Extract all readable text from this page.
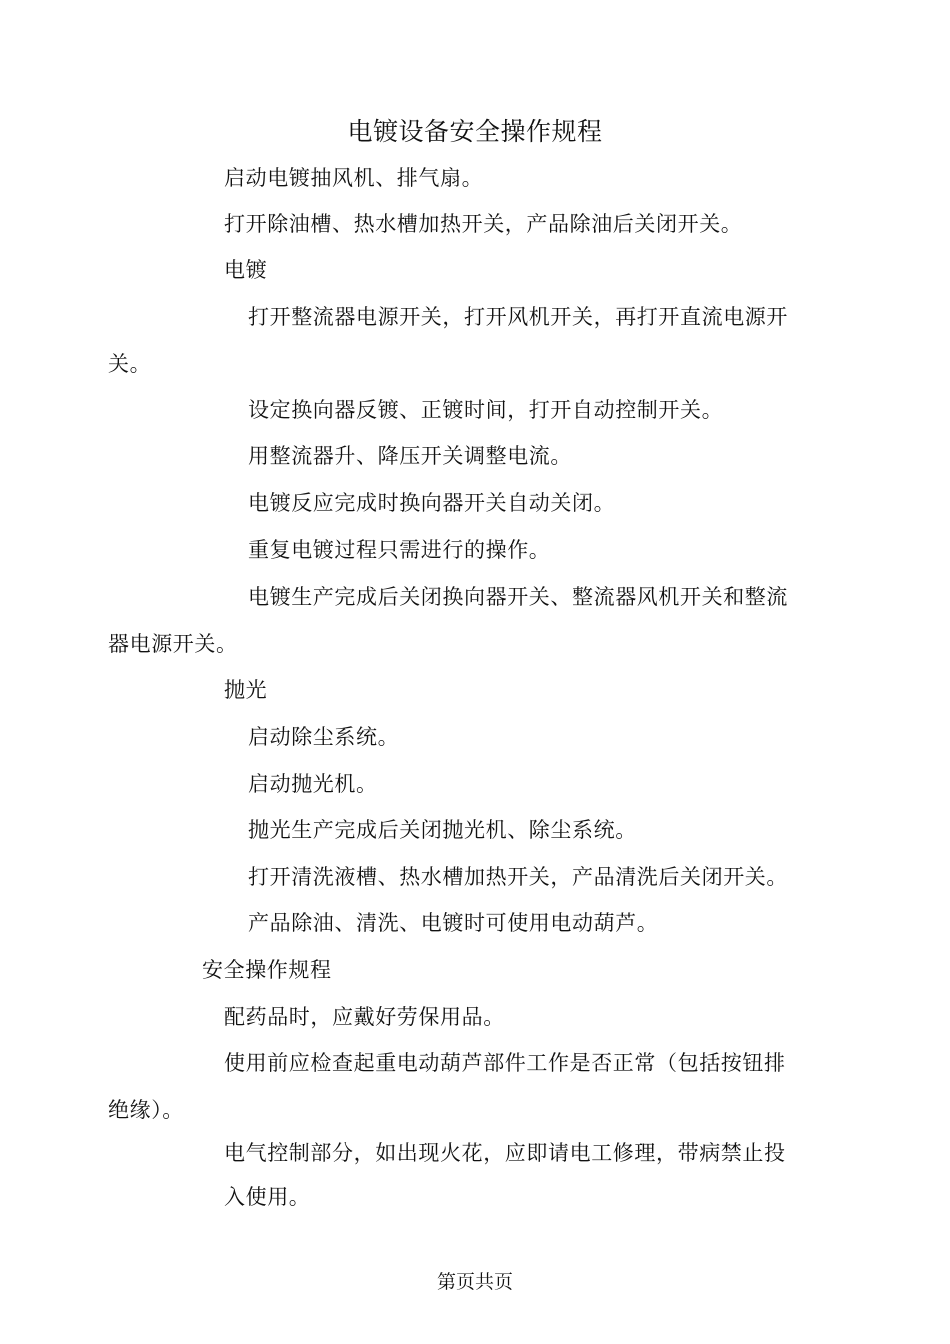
电镀设备安全操作规程
启动电镀抽风机、排气扇。
打开除油槽、热水槽加热开关，产品除油后关闭开关。
电镀
打开整流器电源开关，打开风机开关，再打开直流电源开
关。
设定换向器反镀、正镀时间，打开自动控制开关。
用整流器升、降压开关调整电流。
电镀反应完成时换向器开关自动关闭。
重复电镀过程只需进行的操作。
电镀生产完成后关闭换向器开关、整流器风机开关和整流
器电源开关。
抛光
启动除尘系统。
启动抛光机。
抛光生产完成后关闭抛光机、除尘系统。
打开清洗液槽、热水槽加热开关，产品清洗后关闭开关。
产品除油、清洗、电镀时可使用电动葫芦。
安全操作规程
配药品时，应戴好劳保用品。
使用前应检查起重电动葫芦部件工作是否正常（包括按钮排
绝缘）。
电气控制部分，如出现火花，应即请电工修理，带病禁止投
入使用。
第页共页
